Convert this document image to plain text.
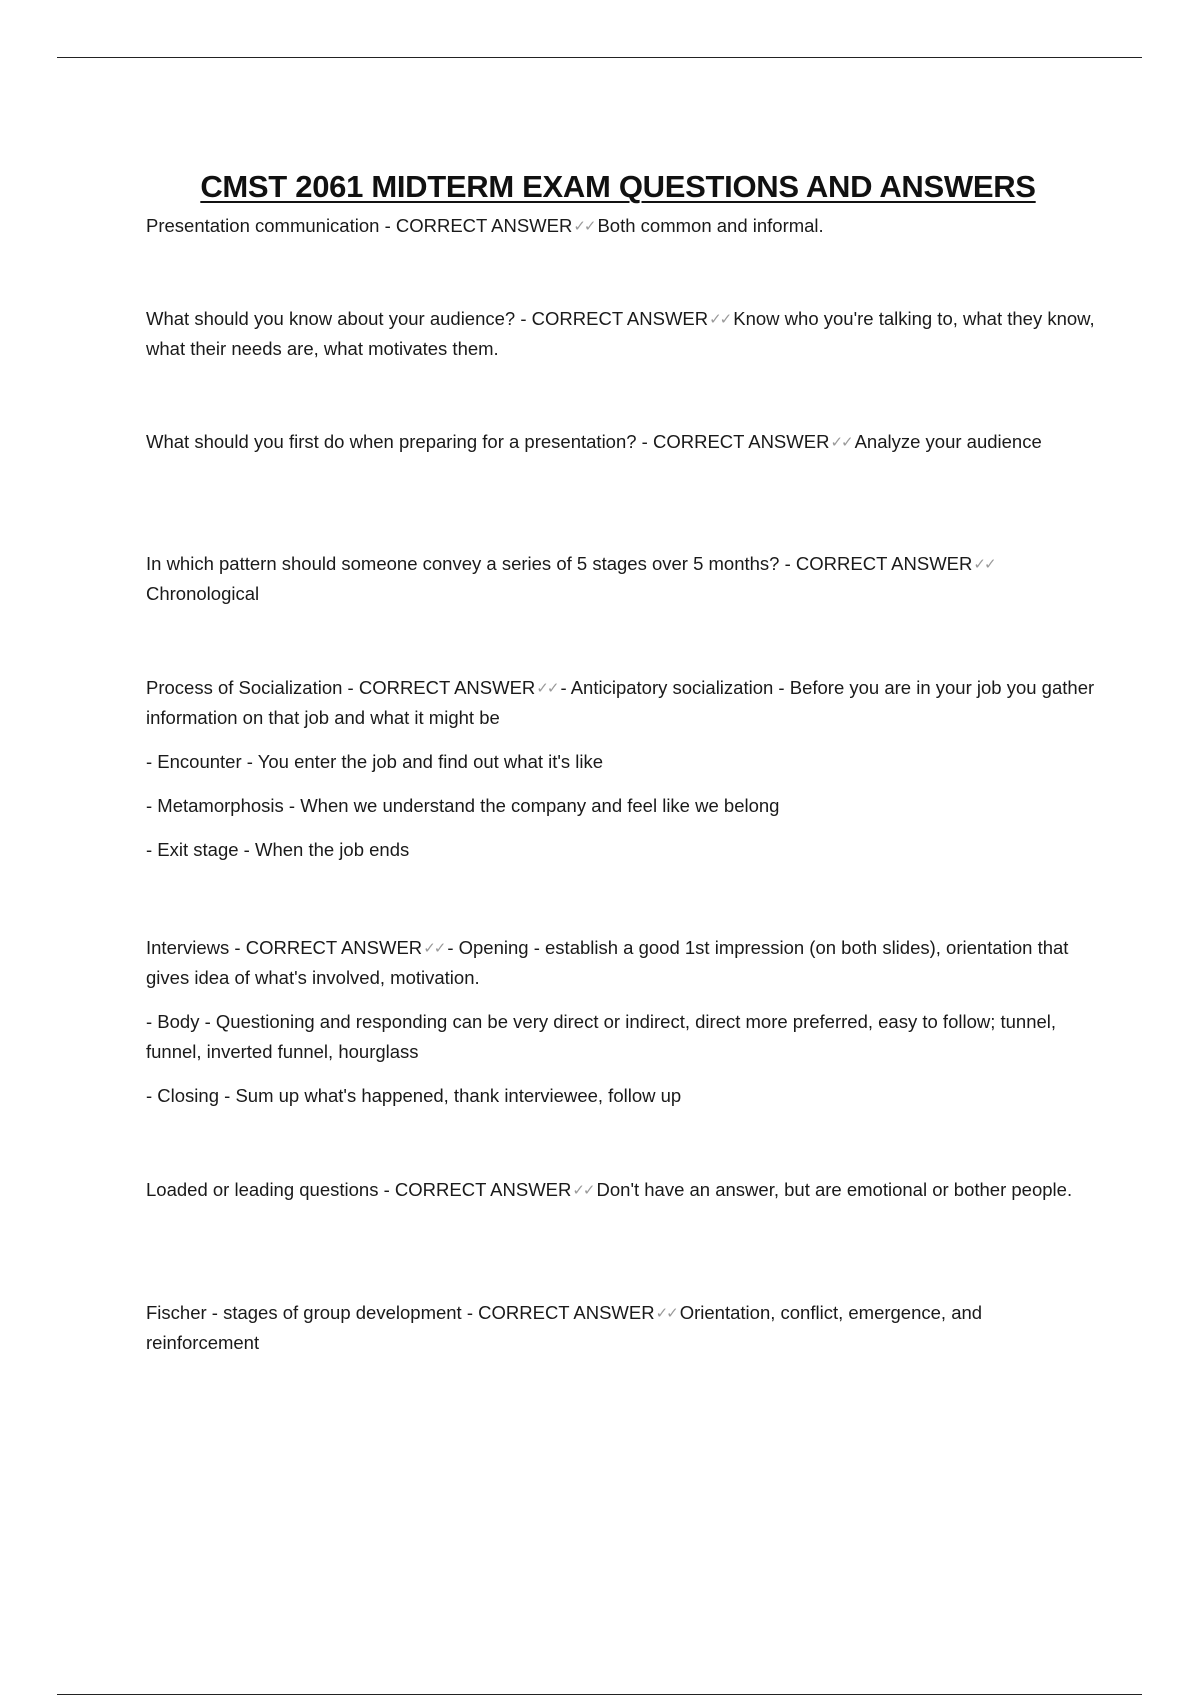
CMST 2061 MIDTERM EXAM QUESTIONS AND ANSWERS

Presentation communication - CORRECT ANSWER✓✓ Both common and informal.

What should you know about your audience? - CORRECT ANSWER✓✓ Know who you're talking to, what they know, what their needs are, what motivates them.

What should you first do when preparing for a presentation? - CORRECT ANSWER✓✓ Analyze your audience

In which pattern should someone convey a series of 5 stages over 5 months? - CORRECT ANSWER✓✓Chronological

Process of Socialization - CORRECT ANSWER✓✓ - Anticipatory socialization - Before you are in your job you gather information on that job and what it might be

- Encounter - You enter the job and find out what it's like

- Metamorphosis - When we understand the company and feel like we belong

- Exit stage - When the job ends

Interviews - CORRECT ANSWER✓✓ - Opening - establish a good 1st impression (on both slides), orientation that gives idea of what's involved, motivation.

- Body - Questioning and responding can be very direct or indirect, direct more preferred, easy to follow; tunnel, funnel, inverted funnel, hourglass

- Closing - Sum up what's happened, thank interviewee, follow up

Loaded or leading questions - CORRECT ANSWER✓✓ Don't have an answer, but are emotional or bother people.

Fischer - stages of group development - CORRECT ANSWER✓✓ Orientation, conflict, emergence, and reinforcement
